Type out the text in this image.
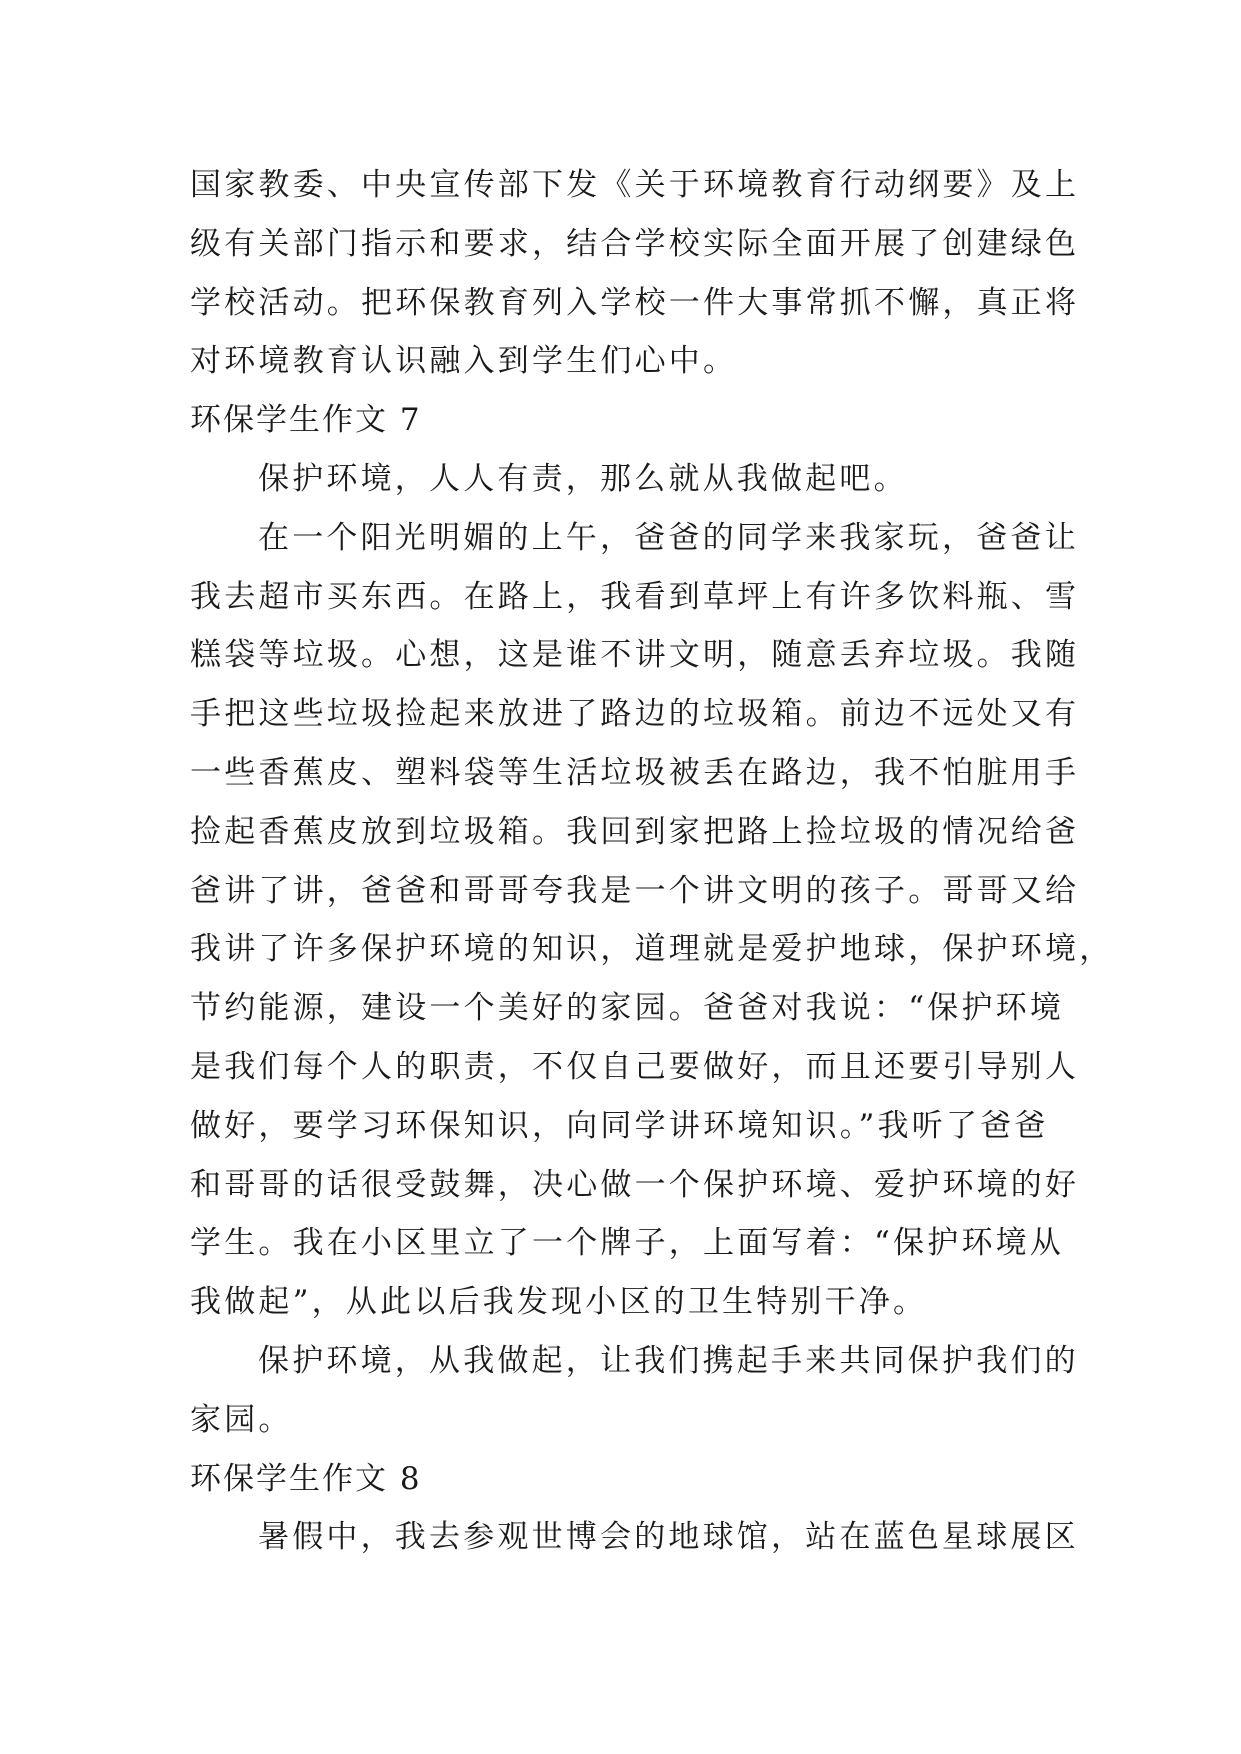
国家教委、中央宣传部下发《关于环境教育行动纲要》及上
级有关部门指示和要求，结合学校实际全面开展了创建绿色
学校活动。把环保教育列入学校一件大事常抓不懈，真正将
对环境教育认识融入到学生们心中。
环保学生作文 7
保护环境，人人有责，那么就从我做起吧。
在一个阳光明媚的上午，爸爸的同学来我家玩，爸爸让
我去超市买东西。在路上，我看到草坪上有许多饮料瓶、雪
糕袋等垃圾。心想，这是谁不讲文明，随意丢弃垃圾。我随
手把这些垃圾捡起来放进了路边的垃圾箱。前边不远处又有
一些香蕉皮、塑料袋等生活垃圾被丢在路边，我不怕脏用手
捡起香蕉皮放到垃圾箱。我回到家把路上捡垃圾的情况给爸
爸讲了讲，爸爸和哥哥夸我是一个讲文明的孩子。哥哥又给
我讲了许多保护环境的知识，道理就是爱护地球，保护环境，
节约能源，建设一个美好的家园。爸爸对我说：“保护环境
是我们每个人的职责，不仅自己要做好，而且还要引导别人
做好，要学习环保知识，向同学讲环境知识。”我听了爸爸
和哥哥的话很受鼓舞，决心做一个保护环境、爱护环境的好
学生。我在小区里立了一个牌子，上面写着：“保护环境从
我做起”，从此以后我发现小区的卫生特别干净。
保护环境，从我做起，让我们携起手来共同保护我们的
家园。
环保学生作文 8
暑假中，我去参观世博会的地球馆，站在蓝色星球展区
